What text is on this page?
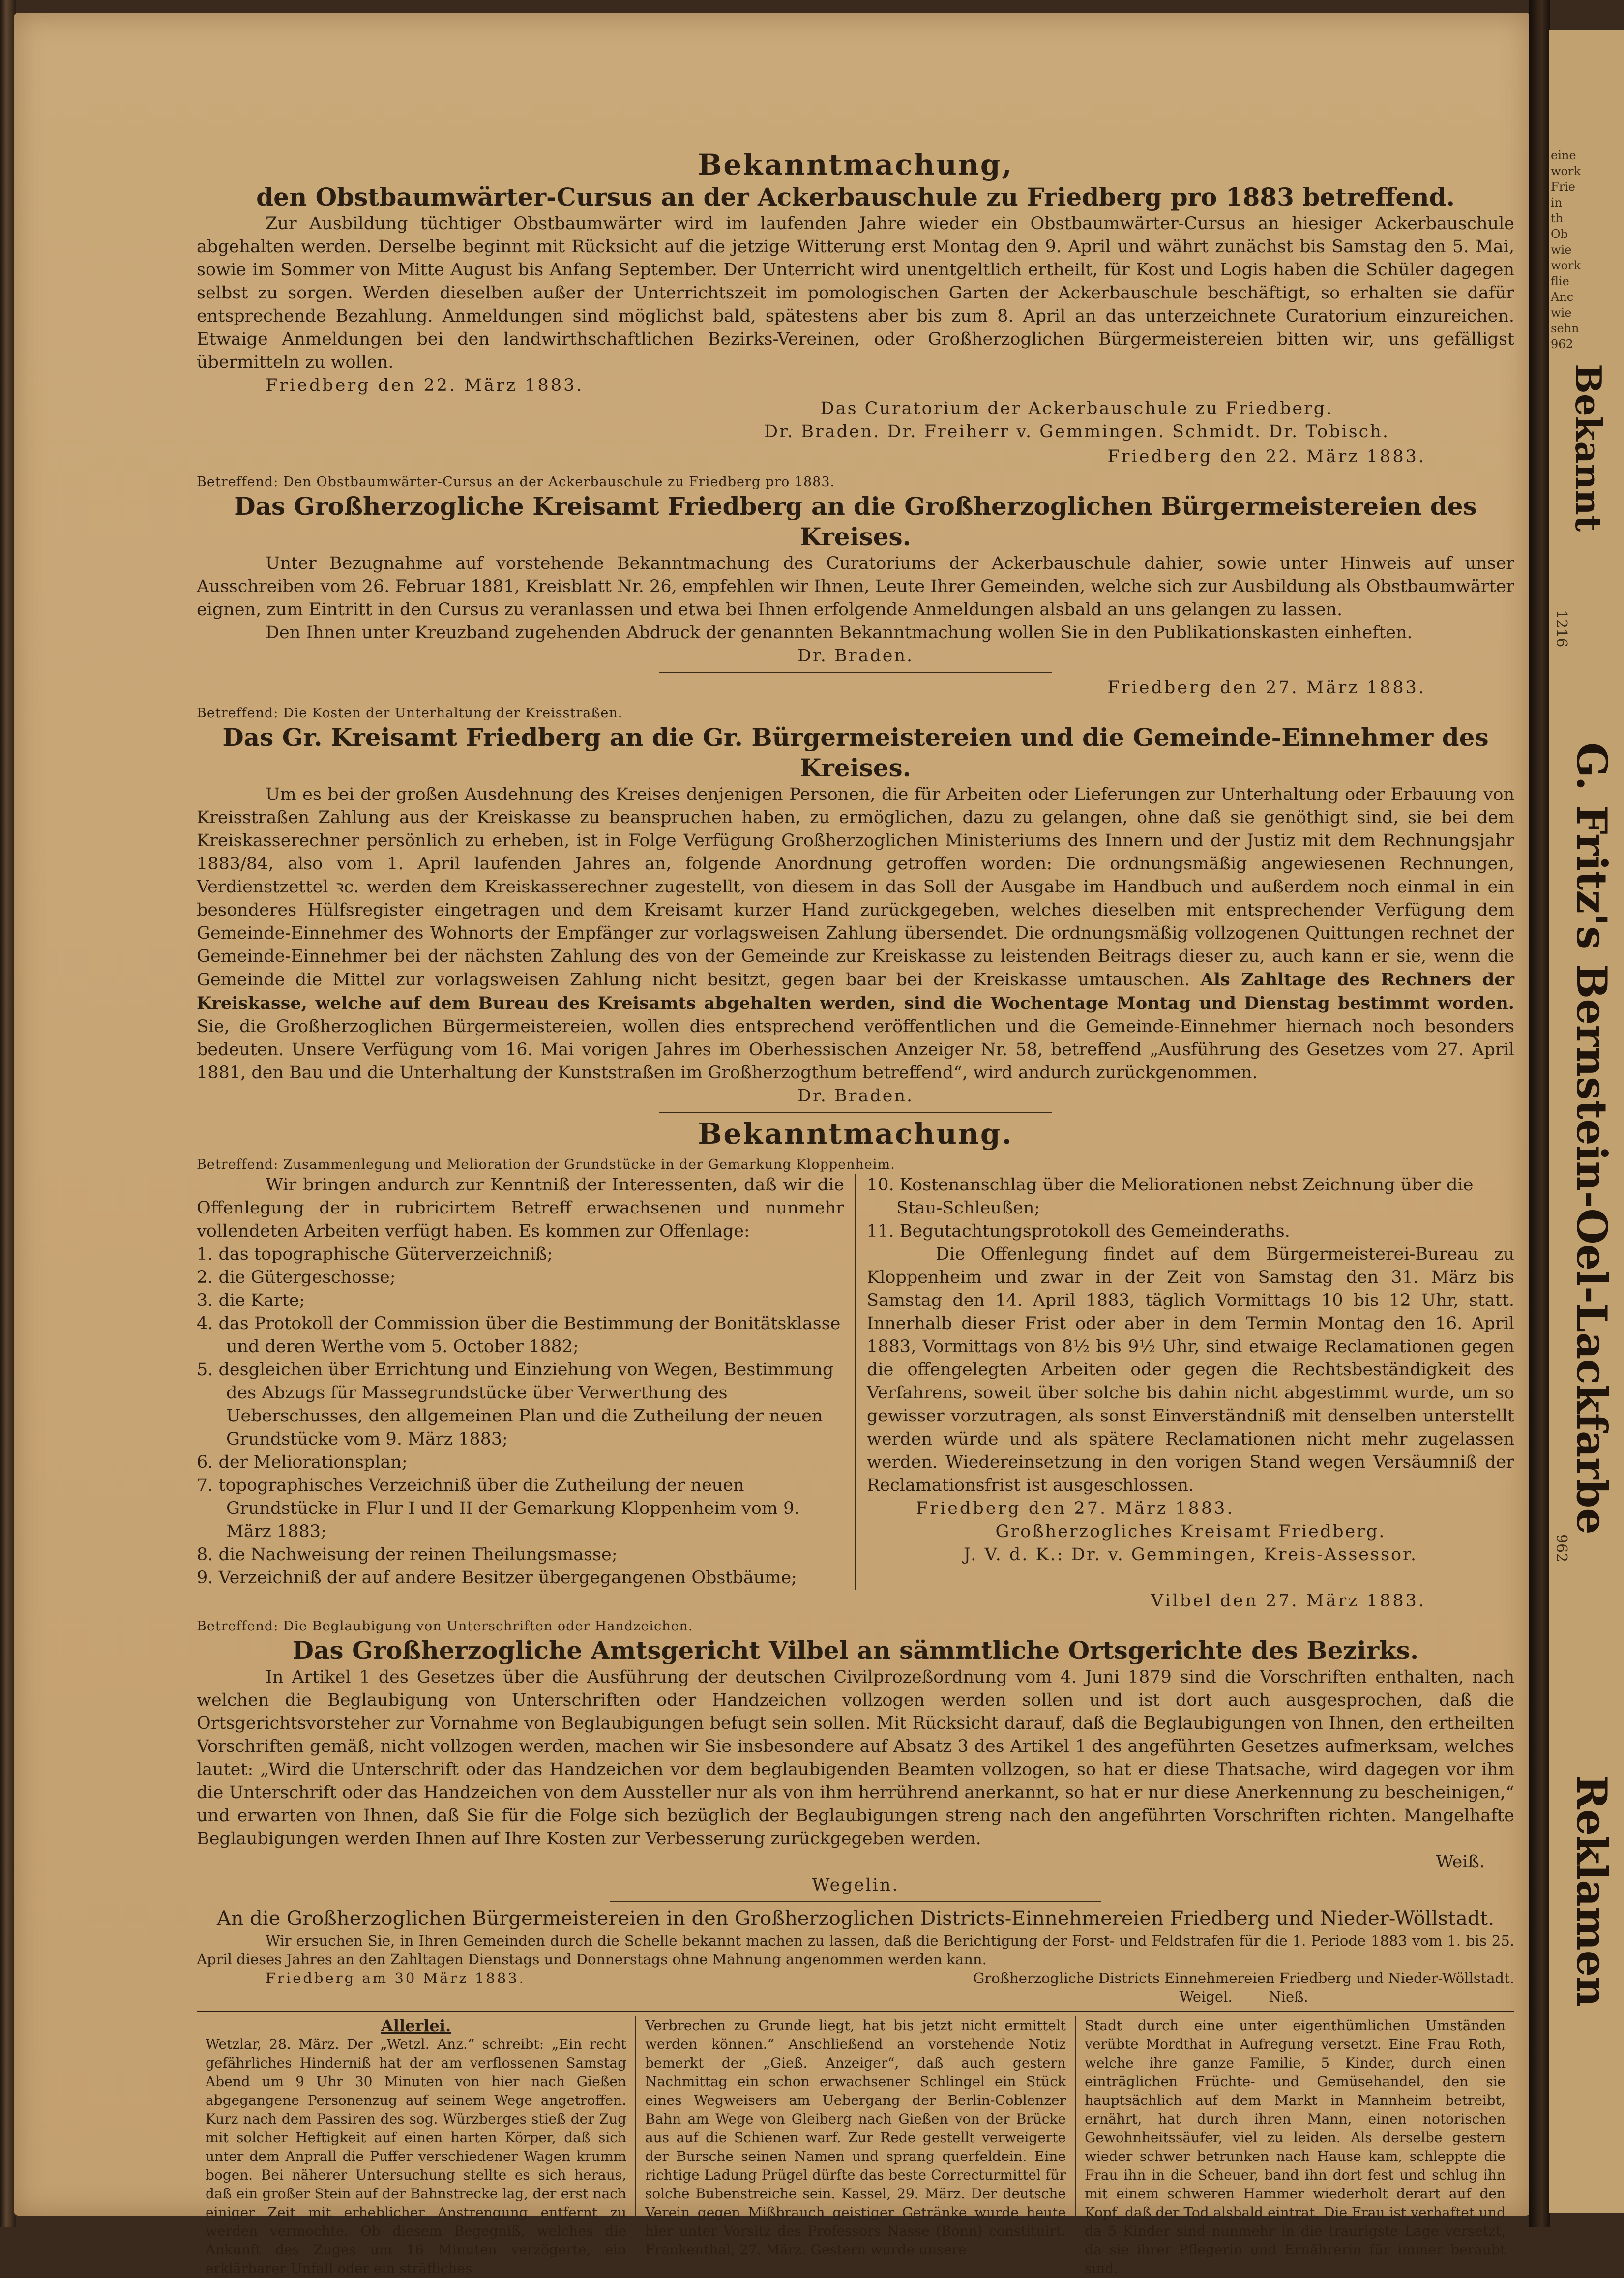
Bekanntmachung,
den Obstbaumwärter-Cursus an der Ackerbauschule zu Friedberg pro 1883 betreffend.

Zur Ausbildung tüchtiger Obstbaumwärter wird im laufenden Jahre wieder ein Obstbaumwärter-Cursus an hiesiger Ackerbauschule abgehalten werden. Derselbe beginnt mit Rücksicht auf die jetzige Witterung erst Montag den 9. April und währt zunächst bis Samstag den 5. Mai, sowie im Sommer von Mitte August bis Anfang September. Der Unterricht wird unentgeltlich ertheilt, für Kost und Logis haben die Schüler dagegen selbst zu sorgen. Werden dieselben außer der Unterrichtszeit im pomologischen Garten der Ackerbauschule beschäftigt, so erhalten sie dafür entsprechende Bezahlung. Anmeldungen sind möglichst bald, spätestens aber bis zum 8. April an das unterzeichnete Curatorium einzureichen. Etwaige Anmeldungen bei den landwirthschaftlichen Bezirks-Vereinen, oder Großherzoglichen Bürgermeistereien bitten wir, uns gefälligst übermitteln zu wollen.

Friedberg den 22. März 1883.
Das Curatorium der Ackerbauschule zu Friedberg.
Dr. Braden. Dr. Freiherr v. Gemmingen. Schmidt. Dr. Tobisch.
Friedberg den 22. März 1883.
Betreffend: Den Obstbaumwärter-Cursus an der Ackerbauschule zu Friedberg pro 1883.
Das Großherzogliche Kreisamt Friedberg an die Großherzoglichen Bürgermeistereien des Kreises.

Unter Bezugnahme auf vorstehende Bekanntmachung des Curatoriums der Ackerbauschule dahier, sowie unter Hinweis auf unser Ausschreiben vom 26. Februar 1881, Kreisblatt Nr. 26, empfehlen wir Ihnen, Leute Ihrer Gemeinden, welche sich zur Ausbildung als Obstbaumwärter eignen, zum Eintritt in den Cursus zu veranlassen und etwa bei Ihnen erfolgende Anmeldungen alsbald an uns gelangen zu lassen.

Den Ihnen unter Kreuzband zugehenden Abdruck der genannten Bekanntmachung wollen Sie in den Publikationskasten einheften.

Dr. Braden.
Friedberg den 27. März 1883.
Betreffend: Die Kosten der Unterhaltung der Kreisstraßen.
Das Gr. Kreisamt Friedberg an die Gr. Bürgermeistereien und die Gemeinde-Einnehmer des Kreises.

Um es bei der großen Ausdehnung des Kreises denjenigen Personen, die für Arbeiten oder Lieferungen zur Unterhaltung oder Erbauung von Kreisstraßen Zahlung aus der Kreiskasse zu beanspruchen haben, zu ermöglichen, dazu zu gelangen, ohne daß sie genöthigt sind, sie bei dem Kreiskasserechner persönlich zu erheben, ist in Folge Verfügung Großherzoglichen Ministeriums des Innern und der Justiz mit dem Rechnungsjahr 1883/84, also vom 1. April laufenden Jahres an, folgende Anordnung getroffen worden: Die ordnungsmäßig angewiesenen Rechnungen, Verdienstzettel ꝛc. werden dem Kreiskasserechner zugestellt, von diesem in das Soll der Ausgabe im Handbuch und außerdem noch einmal in ein besonderes Hülfsregister eingetragen und dem Kreisamt kurzer Hand zurückgegeben, welches dieselben mit entsprechender Verfügung dem Gemeinde-Einnehmer des Wohnorts der Empfänger zur vorlagsweisen Zahlung übersendet. Die ordnungsmäßig vollzogenen Quittungen rechnet der Gemeinde-Einnehmer bei der nächsten Zahlung des von der Gemeinde zur Kreiskasse zu leistenden Beitrags dieser zu, auch kann er sie, wenn die Gemeinde die Mittel zur vorlagsweisen Zahlung nicht besitzt, gegen baar bei der Kreiskasse umtauschen. Als Zahltage des Rechners der Kreiskasse, welche auf dem Bureau des Kreisamts abgehalten werden, sind die Wochentage Montag und Dienstag bestimmt worden. Sie, die Großherzoglichen Bürgermeistereien, wollen dies entsprechend veröffentlichen und die Gemeinde-Einnehmer hiernach noch besonders bedeuten. Unsere Verfügung vom 16. Mai vorigen Jahres im Oberhessischen Anzeiger Nr. 58, betreffend „Ausführung des Gesetzes vom 27. April 1881, den Bau und die Unterhaltung der Kunststraßen im Großherzogthum betreffend“, wird andurch zurückgenommen.

Dr. Braden.
Bekanntmachung.
Betreffend: Zusammenlegung und Melioration der Grundstücke in der Gemarkung Kloppenheim.

Wir bringen andurch zur Kenntniß der Interessenten, daß wir die Offenlegung der in rubricirtem Betreff erwachsenen und nunmehr vollendeten Arbeiten verfügt haben. Es kommen zur Offenlage:

1. das topographische Güterverzeichniß;
2. die Gütergeschosse;
3. die Karte;
4. das Protokoll der Commission über die Bestimmung der Bonitätsklasse und deren Werthe vom 5. October 1882;
5. desgleichen über Errichtung und Einziehung von Wegen, Bestimmung des Abzugs für Massegrundstücke über Verwerthung des Ueberschusses, den allgemeinen Plan und die Zutheilung der neuen Grundstücke vom 9. März 1883;
6. der Meliorationsplan;
7. topographisches Verzeichniß über die Zutheilung der neuen Grundstücke in Flur I und II der Gemarkung Kloppenheim vom 9. März 1883;
8. die Nachweisung der reinen Theilungsmasse;
9. Verzeichniß der auf andere Besitzer übergegangenen Obstbäume;
10. Kostenanschlag über die Meliorationen nebst Zeichnung über die Stau-Schleußen;
11. Begutachtungsprotokoll des Gemeinderaths.

Die Offenlegung findet auf dem Bürgermeisterei-Bureau zu Kloppenheim und zwar in der Zeit von Samstag den 31. März bis Samstag den 14. April 1883, täglich Vormittags 10 bis 12 Uhr, statt. Innerhalb dieser Frist oder aber in dem Termin Montag den 16. April 1883, Vormittags von 8½ bis 9½ Uhr, sind etwaige Reclamationen gegen die offengelegten Arbeiten oder gegen die Rechtsbeständigkeit des Verfahrens, soweit über solche bis dahin nicht abgestimmt wurde, um so gewisser vorzutragen, als sonst Einverständniß mit denselben unterstellt werden würde und als spätere Reclamationen nicht mehr zugelassen werden. Wiedereinsetzung in den vorigen Stand wegen Versäumniß der Reclamationsfrist ist ausgeschlossen.

Friedberg den 27. März 1883.
Großherzogliches Kreisamt Friedberg.
J. V. d. K.: Dr. v. Gemmingen, Kreis-Assessor.
Vilbel den 27. März 1883.
Betreffend: Die Beglaubigung von Unterschriften oder Handzeichen.
Das Großherzogliche Amtsgericht Vilbel an sämmtliche Ortsgerichte des Bezirks.

In Artikel 1 des Gesetzes über die Ausführung der deutschen Civilprozeßordnung vom 4. Juni 1879 sind die Vorschriften enthalten, nach welchen die Beglaubigung von Unterschriften oder Handzeichen vollzogen werden sollen und ist dort auch ausgesprochen, daß die Ortsgerichtsvorsteher zur Vornahme von Beglaubigungen befugt sein sollen. Mit Rücksicht darauf, daß die Beglaubigungen von Ihnen, den ertheilten Vorschriften gemäß, nicht vollzogen werden, machen wir Sie insbesondere auf Absatz 3 des Artikel 1 des angeführten Gesetzes aufmerksam, welches lautet: „Wird die Unterschrift oder das Handzeichen vor dem beglaubigenden Beamten vollzogen, so hat er diese Thatsache, wird dagegen vor ihm die Unterschrift oder das Handzeichen von dem Aussteller nur als von ihm herrührend anerkannt, so hat er nur diese Anerkennung zu bescheinigen,“ und erwarten von Ihnen, daß Sie für die Folge sich bezüglich der Beglaubigungen streng nach den angeführten Vorschriften richten. Mangelhafte Beglaubigungen werden Ihnen auf Ihre Kosten zur Verbesserung zurückgegeben werden.

Weiß.
Wegelin.
An die Großherzoglichen Bürgermeistereien in den Großherzoglichen Districts-Einnehmereien Friedberg und Nieder-Wöllstadt.

Wir ersuchen Sie, in Ihren Gemeinden durch die Schelle bekannt machen zu lassen, daß die Berichtigung der Forst- und Feldstrafen für die 1. Periode 1883 vom 1. bis 25. April dieses Jahres an den Zahltagen Dienstags und Donnerstags ohne Mahnung angenommen werden kann.

Friedberg am 30 März 1883.	Großherzogliche Districts Einnehmereien Friedberg und Nieder-Wöllstadt.
Weigel.        Nieß.
Allerlei.
Wetzlar, 28. März. Der „Wetzl. Anz.“ schreibt: „Ein recht gefährliches Hinderniß hat der am verflossenen Samstag Abend um 9 Uhr 30 Minuten von hier nach Gießen abgegangene Personenzug auf seinem Wege angetroffen. Kurz nach dem Passiren des sog. Würzberges stieß der Zug mit solcher Heftigkeit auf einen harten Körper, daß sich unter dem Anprall die Puffer verschiedener Wagen krumm bogen. Bei näherer Untersuchung stellte es sich heraus, daß ein großer Stein auf der Bahnstrecke lag, der erst nach einiger Zeit mit erheblicher Anstrengung entfernt zu werden vermochte. Ob diesem Begegniß, welches die Ankunft des Zuges um 16 Minuten verzögerte, ein erklärbarer Unfall oder ein sträfliches
Verbrechen zu Grunde liegt, hat bis jetzt nicht ermittelt werden können.“ Anschließend an vorstehende Notiz bemerkt der „Gieß. Anzeiger“, daß auch gestern Nachmittag ein schon erwachsener Schlingel ein Stück eines Wegweisers am Uebergang der Berlin-Coblenzer Bahn am Wege von Gleiberg nach Gießen von der Brücke aus auf die Schienen warf. Zur Rede gestellt verweigerte der Bursche seinen Namen und sprang querfeldein. Eine richtige Ladung Prügel dürfte das beste Correcturmittel für solche Bubenstreiche sein. Kassel, 29. März. Der deutsche Verein gegen Mißbrauch geistiger Getränke wurde heute hier unter Vorsitz des Professors Nasse (Bonn) constituirt. Frankenthal, 27. März. Gestern wurde unsere
Stadt durch eine unter eigenthümlichen Umständen verübte Mordthat in Aufregung versetzt. Eine Frau Roth, welche ihre ganze Familie, 5 Kinder, durch einen einträglichen Früchte- und Gemüsehandel, den sie hauptsächlich auf dem Markt in Mannheim betreibt, ernährt, hat durch ihren Mann, einen notorischen Gewohnheitssäufer, viel zu leiden. Als derselbe gestern wieder schwer betrunken nach Hause kam, schleppte die Frau ihn in die Scheuer, band ihn dort fest und schlug ihn mit einem schweren Hammer wiederholt derart auf den Kopf, daß der Tod alsbald eintrat. Die Frau ist verhaftet und da 5 Kinder sind nunmehr in die traurigste Lage versetzt, da sie ihrer Pflegerin und Ernährerin für immer beraubt sind.
eine
work
Frie
in
th
Ob
wie
work
flie
Anc
wie
sehn
962
Bekannt
1216
G. Fritz's Bernstein-Oel-Lackfarbe
962
Reklamen
